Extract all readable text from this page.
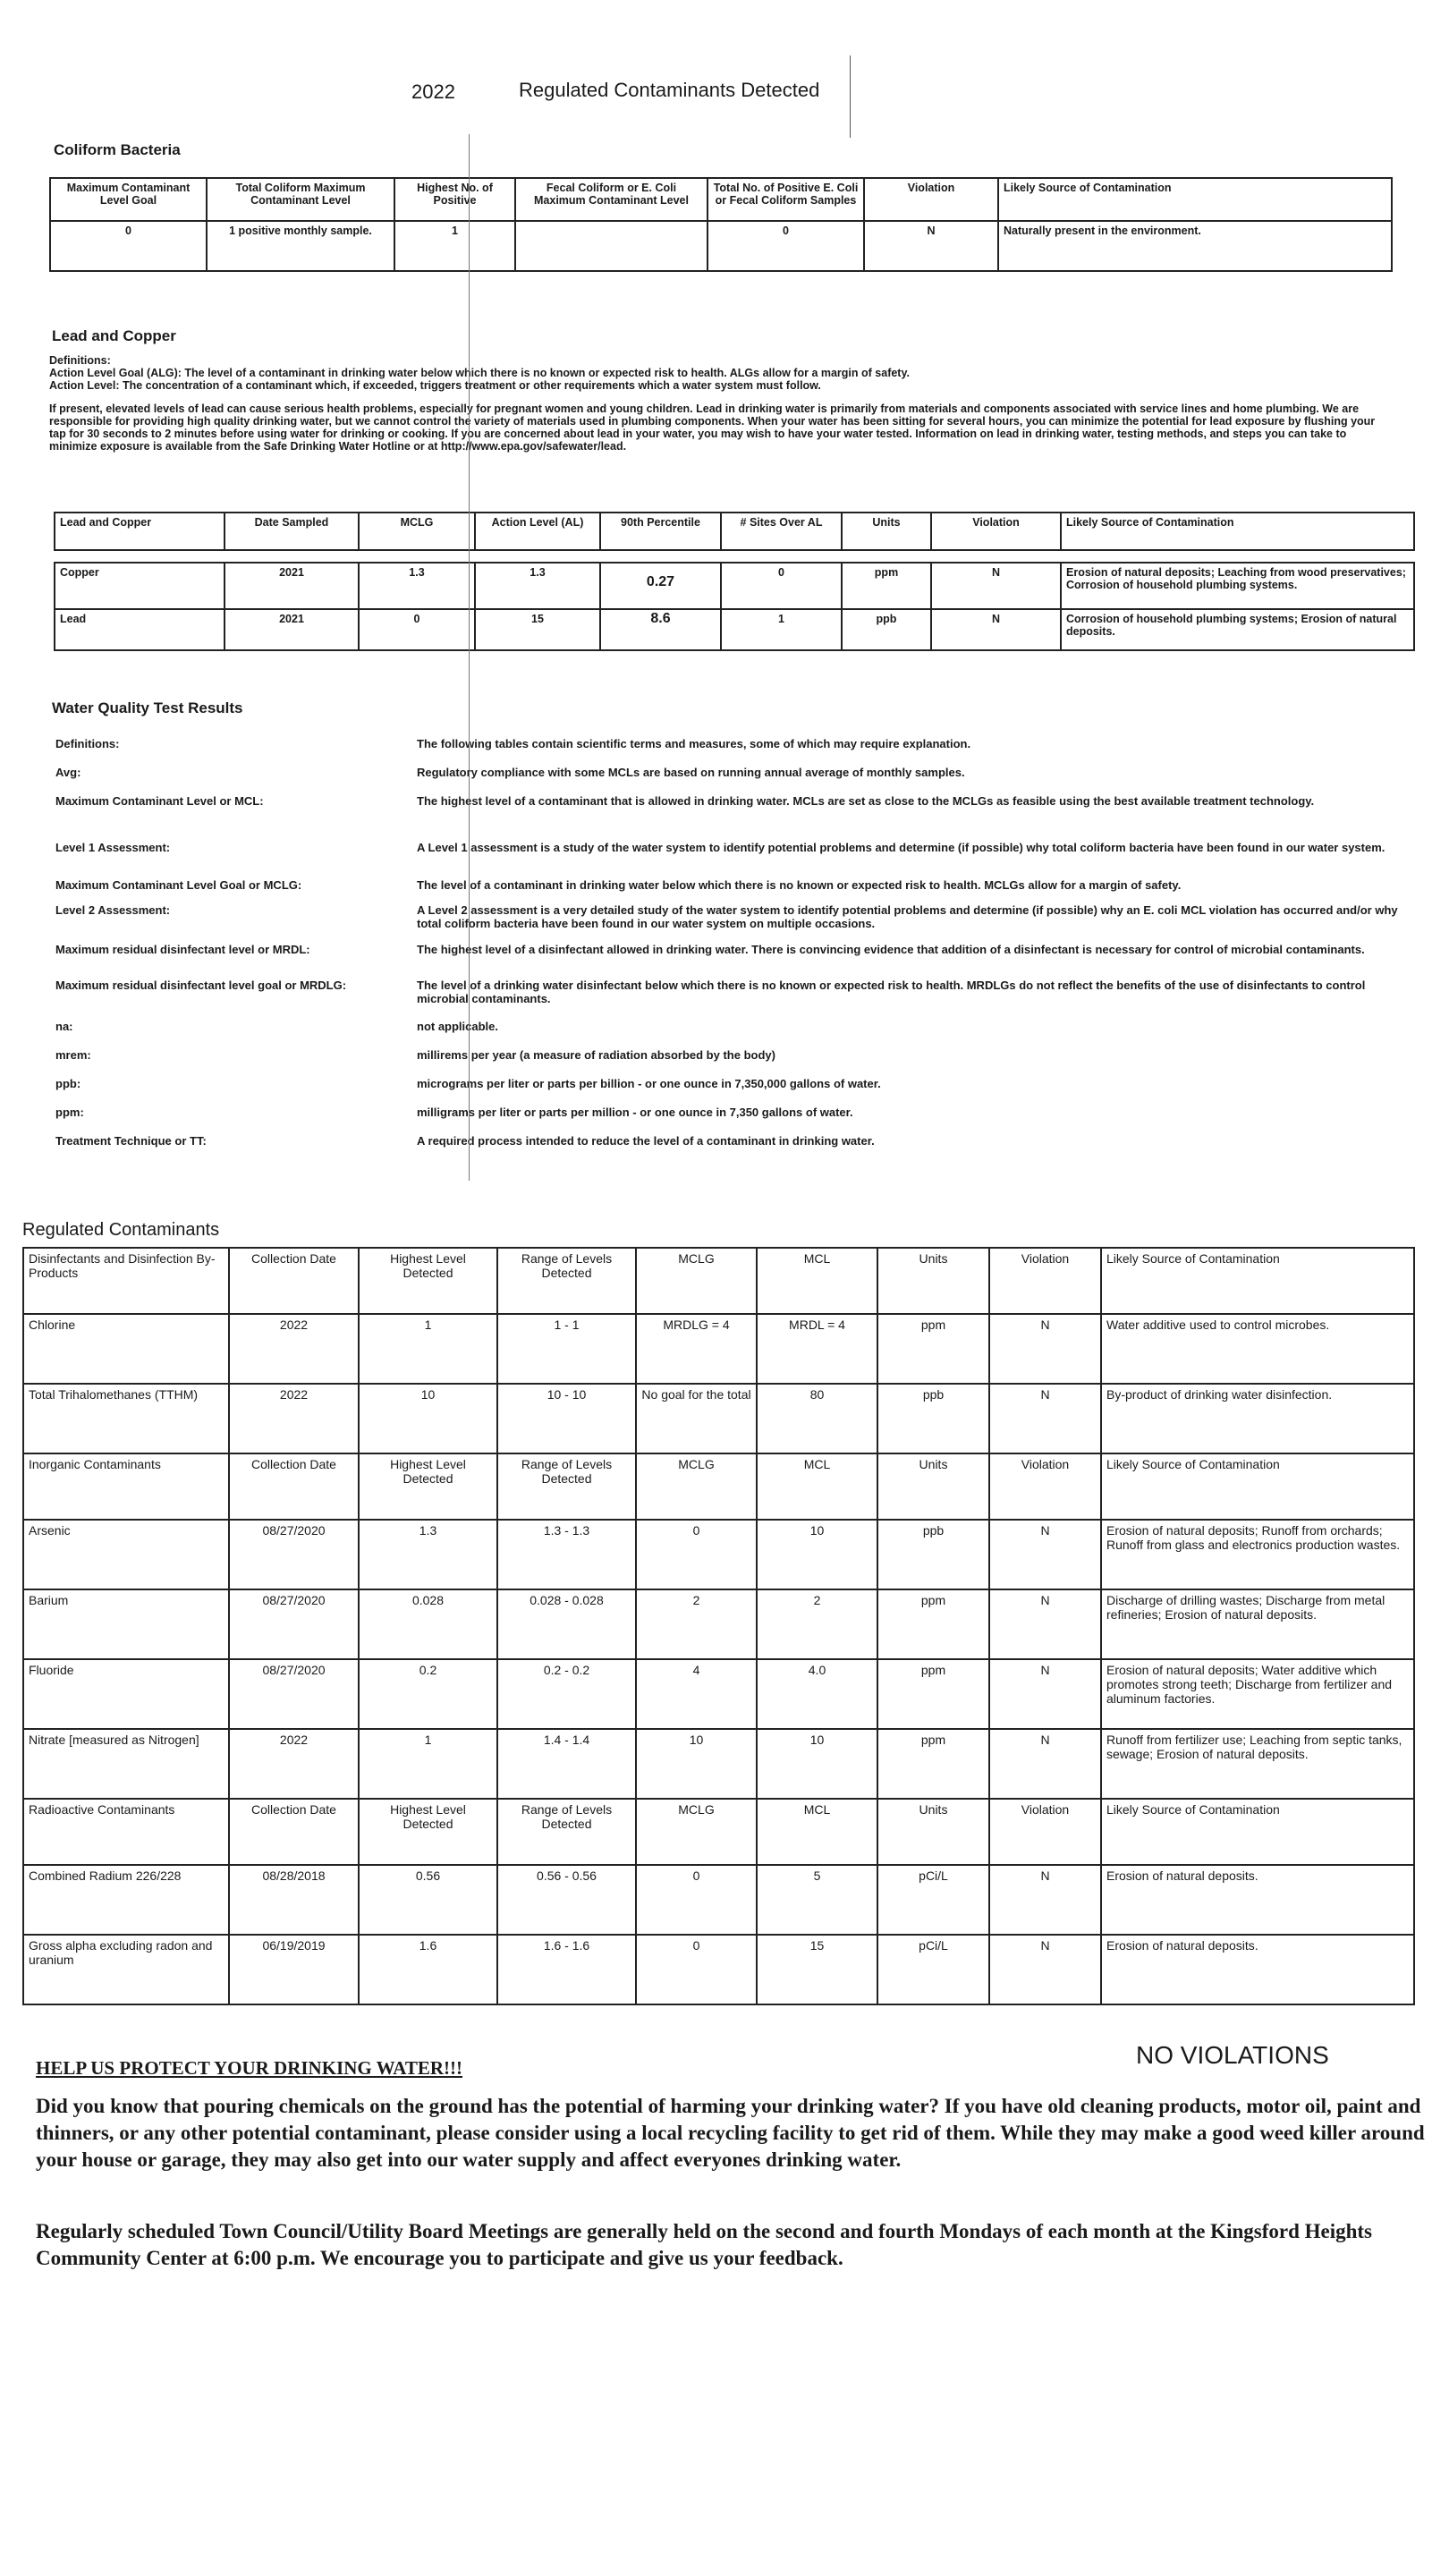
2022	Regulated Contaminants Detected
Coliform Bacteria
Maximum Contaminant Level Goal	Total Coliform Maximum Contaminant Level	Highest No. of Positive	Fecal Coliform or E. Coli Maximum Contaminant Level	Total No. of Positive E. Coli or Fecal Coliform Samples	Violation	Likely Source of Contamination
0	1 positive monthly sample.	1		0	N	Naturally present in the environment.
Lead and Copper
Definitions:
Action Level Goal (ALG): The level of a contaminant in drinking water below which there is no known or expected risk to health. ALGs allow for a margin of safety.
Action Level: The concentration of a contaminant which, if exceeded, triggers treatment or other requirements which a water system must follow.
If present, elevated levels of lead can cause serious health problems, especially for pregnant women and young children. Lead in drinking water is primarily from materials and components associated with service lines and home plumbing. We are responsible for providing high quality drinking water, but we cannot control the variety of materials used in plumbing components. When your water has been sitting for several hours, you can minimize the potential for lead exposure by flushing your tap for 30 seconds to 2 minutes before using water for drinking or cooking. If you are concerned about lead in your water, you may wish to have your water tested. Information on lead in drinking water, testing methods, and steps you can take to minimize exposure is available from the Safe Drinking Water Hotline or at http://www.epa.gov/safewater/lead.
Lead and Copper	Date Sampled	MCLG	Action Level (AL)	90th Percentile	# Sites Over AL	Units	Violation	Likely Source of Contamination

Copper	2021	1.3	1.3	0.27	0	ppm	N	Erosion of natural deposits; Leaching from wood preservatives; Corrosion of household plumbing systems.
Lead	2021	0	15	8.6	1	ppb	N	Corrosion of household plumbing systems; Erosion of natural deposits.
Water Quality Test Results
Definitions:	The following tables contain scientific terms and measures, some of which may require explanation.
Avg:	Regulatory compliance with some MCLs are based on running annual average of monthly samples.
Maximum Contaminant Level or MCL:	The highest level of a contaminant that is allowed in drinking water. MCLs are set as close to the MCLGs as feasible using the best available treatment technology.
Level 1 Assessment:	A Level 1 assessment is a study of the water system to identify potential problems and determine (if possible) why total coliform bacteria have been found in our water system.
Maximum Contaminant Level Goal or MCLG:	The level of a contaminant in drinking water below which there is no known or expected risk to health. MCLGs allow for a margin of safety.
Level 2 Assessment:	A Level 2 assessment is a very detailed study of the water system to identify potential problems and determine (if possible) why an E. coli MCL violation has occurred and/or why total coliform bacteria have been found in our water system on multiple occasions.
Maximum residual disinfectant level or MRDL:	The highest level of a disinfectant allowed in drinking water. There is convincing evidence that addition of a disinfectant is necessary for control of microbial contaminants.
Maximum residual disinfectant level goal or MRDLG:	The level of a drinking water disinfectant below which there is no known or expected risk to health. MRDLGs do not reflect the benefits of the use of disinfectants to control microbial contaminants.
na:	not applicable.
mrem:	millirems per year (a measure of radiation absorbed by the body)
ppb:	micrograms per liter or parts per billion - or one ounce in 7,350,000 gallons of water.
ppm:	milligrams per liter or parts per million - or one ounce in 7,350 gallons of water.
Treatment Technique or TT:	A required process intended to reduce the level of a contaminant in drinking water.
Regulated Contaminants
Disinfectants and Disinfection By-Products	Collection Date	Highest Level Detected	Range of Levels Detected	MCLG	MCL	Units	Violation	Likely Source of Contamination
Chlorine	2022	1	1 - 1	MRDLG = 4	MRDL = 4	ppm	N	Water additive used to control microbes.
Total Trihalomethanes (TTHM)	2022	10	10 - 10	No goal for the total	80	ppb	N	By-product of drinking water disinfection.
Inorganic Contaminants	Collection Date	Highest Level Detected	Range of Levels Detected	MCLG	MCL	Units	Violation	Likely Source of Contamination
Arsenic	08/27/2020	1.3	1.3 - 1.3	0	10	ppb	N	Erosion of natural deposits; Runoff from orchards; Runoff from glass and electronics production wastes.
Barium	08/27/2020	0.028	0.028 - 0.028	2	2	ppm	N	Discharge of drilling wastes; Discharge from metal refineries; Erosion of natural deposits.
Fluoride	08/27/2020	0.2	0.2 - 0.2	4	4.0	ppm	N	Erosion of natural deposits; Water additive which promotes strong teeth; Discharge from fertilizer and aluminum factories.
Nitrate [measured as Nitrogen]	2022	1	1.4 - 1.4	10	10	ppm	N	Runoff from fertilizer use; Leaching from septic tanks, sewage; Erosion of natural deposits.
Radioactive Contaminants	Collection Date	Highest Level Detected	Range of Levels Detected	MCLG	MCL	Units	Violation	Likely Source of Contamination
Combined Radium 226/228	08/28/2018	0.56	0.56 - 0.56	0	5	pCi/L	N	Erosion of natural deposits.
Gross alpha excluding radon and uranium	06/19/2019	1.6	1.6 - 1.6	0	15	pCi/L	N	Erosion of natural deposits.
HELP US PROTECT YOUR DRINKING WATER!!!	NO VIOLATIONS
Did you know that pouring chemicals on the ground has the potential of harming your drinking water? If you have old cleaning products, motor oil, paint and thinners, or any other potential contaminant, please consider using a local recycling facility to get rid of them. While they may make a good weed killer around your house or garage, they may also get into our water supply and affect everyones drinking water.
Regularly scheduled Town Council/Utility Board Meetings are generally held on the second and fourth Mondays of each month at the Kingsford Heights Community Center at 6:00 p.m. We encourage you to participate and give us your feedback.
